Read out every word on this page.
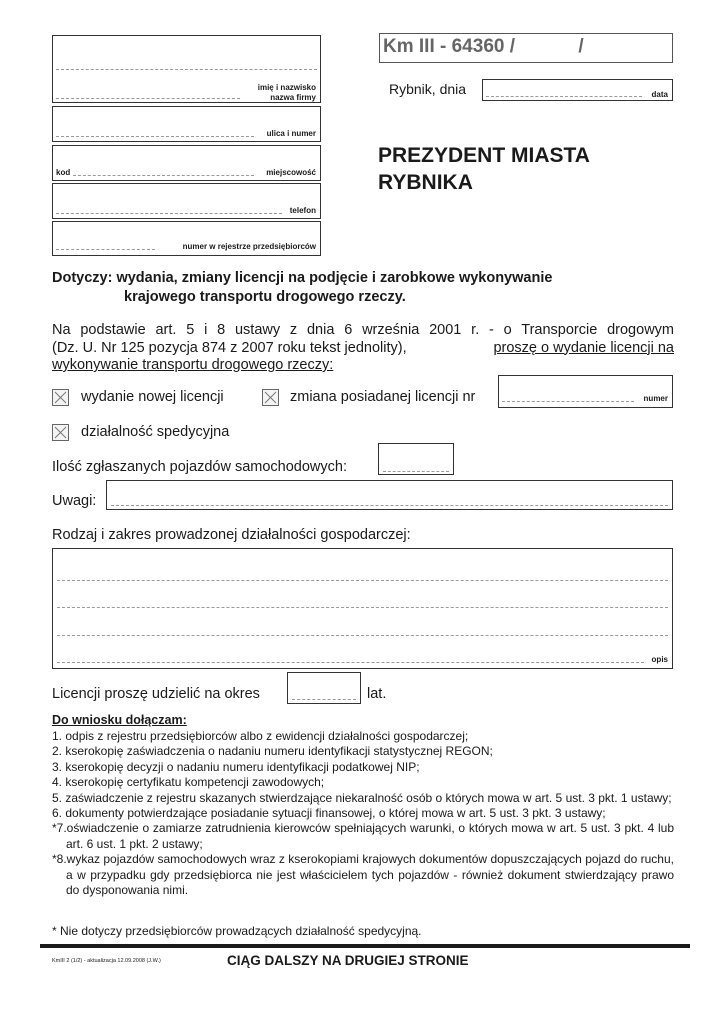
imię i nazwisko
nazwa firmy
ulica i numer
kod	miejscowość
telefon
numer w rejestrze przedsiębiorców
Km III - 64360 /            /
Rybnik, dnia	data
PREZYDENT MIASTA
RYBNIKA
Dotyczy: wydania, zmiany licencji na podjęcie i zarobkowe wykonywanie
krajowego transportu drogowego rzeczy.
Na podstawie art. 5 i 8 ustawy z dnia 6 września 2001 r. - o Transporcie drogowym
(Dz. U. Nr 125 pozycja 874 z 2007 roku tekst jednolity),	proszę o wydanie licencji na
wykonywanie transportu drogowego rzeczy:
wydanie nowej licencji	zmiana posiadanej licencji nr	numer
działalność spedycyjna
Ilość zgłaszanych pojazdów samochodowych:
Uwagi:
Rodzaj i zakres prowadzonej działalności gospodarczej:
opis
Licencji proszę udzielić na okres	lat.
Do wniosku dołączam:
1. odpis z rejestru przedsiębiorców albo z ewidencji działalności gospodarczej;
2. kserokopię zaświadczenia o nadaniu numeru identyfikacji statystycznej REGON;
3. kserokopię decyzji o nadaniu numeru identyfikacji podatkowej NIP;
4. kserokopię certyfikatu kompetencji zawodowych;
5. zaświadczenie z rejestru skazanych stwierdzające niekaralność osób o których mowa w art. 5 ust. 3 pkt. 1 ustawy;
6. dokumenty potwierdzające posiadanie sytuacji finansowej, o której mowa w art. 5 ust. 3 pkt. 3 ustawy;
*7.oświadczenie o zamiarze zatrudnienia kierowców spełniających warunki, o których mowa w art. 5 ust. 3 pkt. 4 lub art. 6 ust. 1 pkt. 2 ustawy;
*8.wykaz pojazdów samochodowych wraz z kserokopiami krajowych dokumentów dopuszczających pojazd do ruchu, a w przypadku gdy przedsiębiorca nie jest właścicielem tych pojazdów - również dokument stwierdzający prawo do dysponowania nimi.
* Nie dotyczy przedsiębiorców prowadzących działalność spedycyjną.
KmIII 2 (1/2) - aktualizacja 12.09.2008 (J.W.)	CIĄG DALSZY NA DRUGIEJ STRONIE
